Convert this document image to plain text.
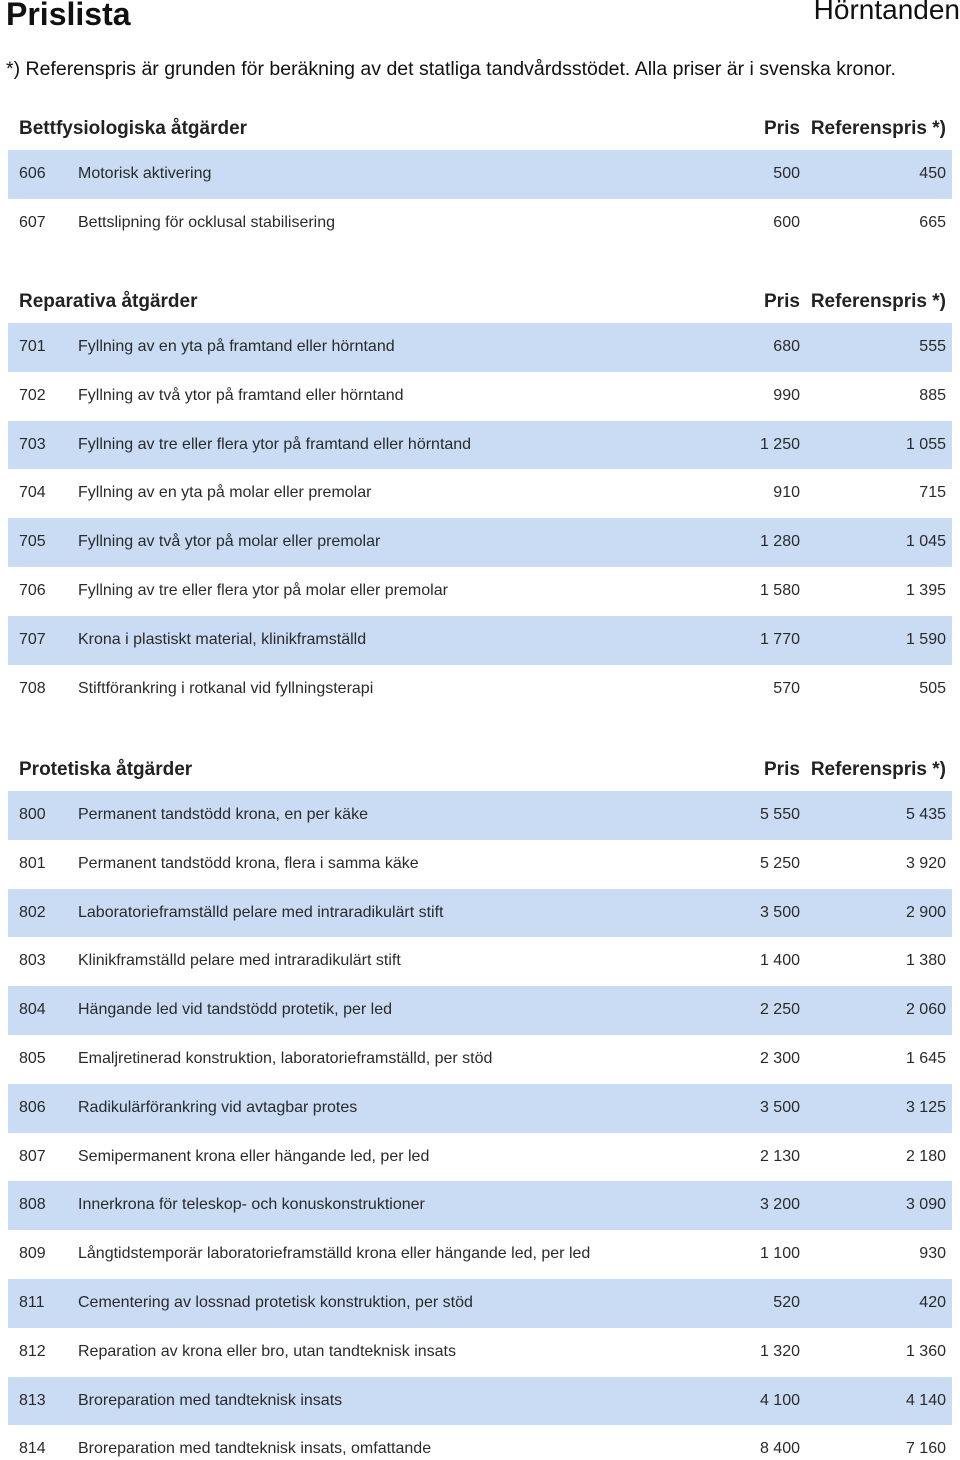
Prislista	Hörntanden
*) Referenspris är grunden för beräkning av det statliga tandvårdsstödet. Alla priser är i svenska kronor.
Bettfysiologiska åtgärder	Pris Referenspris *)
606 Motorisk aktivering	500	450
607 Bettslipning för ocklusal stabilisering	600	665
Reparativa åtgärder	Pris Referenspris *)
701 Fyllning av en yta på framtand eller hörntand	680	555
702 Fyllning av två ytor på framtand eller hörntand	990	885
703 Fyllning av tre eller flera ytor på framtand eller hörntand	1 250	1 055
704 Fyllning av en yta på molar eller premolar	910	715
705 Fyllning av två ytor på molar eller premolar	1 280	1 045
706 Fyllning av tre eller flera ytor på molar eller premolar	1 580	1 395
707 Krona i plastiskt material, klinikframställd	1 770	1 590
708 Stiftförankring i rotkanal vid fyllningsterapi	570	505
Protetiska åtgärder	Pris Referenspris *)
800 Permanent tandstödd krona, en per käke	5 550	5 435
801 Permanent tandstödd krona, flera i samma käke	5 250	3 920
802 Laboratorieframställd pelare med intraradikulärt stift	3 500	2 900
803 Klinikframställd pelare med intraradikulärt stift	1 400	1 380
804 Hängande led vid tandstödd protetik, per led	2 250	2 060
805 Emaljretinerad konstruktion, laboratorieframställd, per stöd	2 300	1 645
806 Radikulärförankring vid avtagbar protes	3 500	3 125
807 Semipermanent krona eller hängande led, per led	2 130	2 180
808 Innerkrona för teleskop- och konuskonstruktioner	3 200	3 090
809 Långtidstemporär laboratorieframställd krona eller hängande led, per led	1 100	930
811 Cementering av lossnad protetisk konstruktion, per stöd	520	420
812 Reparation av krona eller bro, utan tandteknisk insats	1 320	1 360
813 Broreparation med tandteknisk insats	4 100	4 140
814 Broreparation med tandteknisk insats, omfattande	8 400	7 160
